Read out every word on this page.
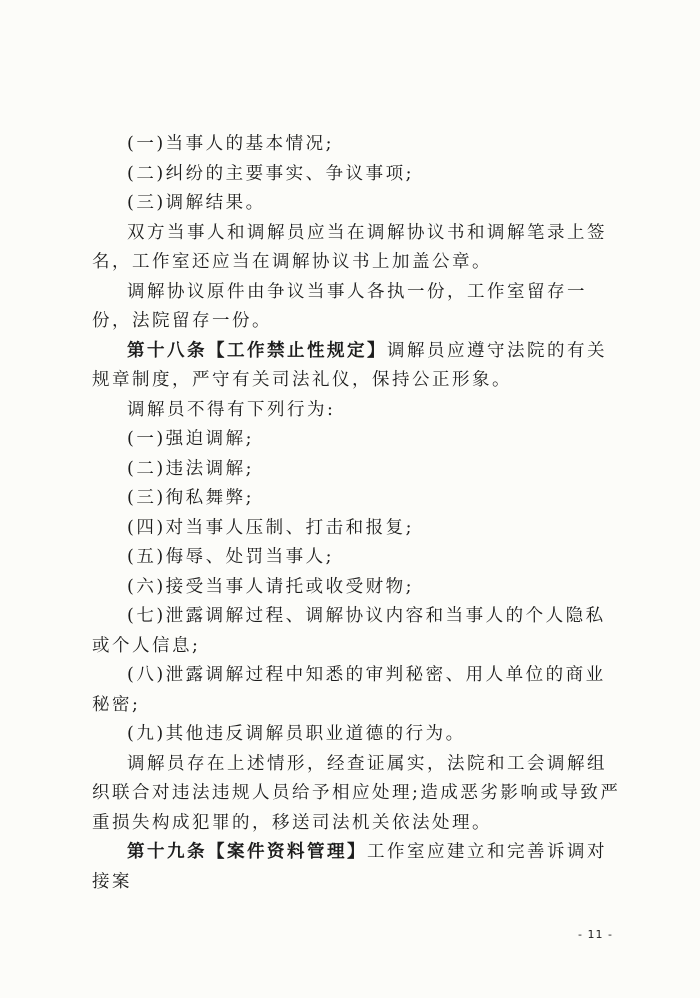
(一)当事人的基本情况;

(二)纠纷的主要事实、争议事项;

(三)调解结果。

双方当事人和调解员应当在调解协议书和调解笔录上签名，工作室还应当在调解协议书上加盖公章。

调解协议原件由争议当事人各执一份，工作室留存一份，法院留存一份。

第十八条【工作禁止性规定】调解员应遵守法院的有关规章制度，严守有关司法礼仪，保持公正形象。

调解员不得有下列行为:

(一)强迫调解;

(二)违法调解;

(三)徇私舞弊;

(四)对当事人压制、打击和报复;

(五)侮辱、处罚当事人;

(六)接受当事人请托或收受财物;

(七)泄露调解过程、调解协议内容和当事人的个人隐私或个人信息;

(八)泄露调解过程中知悉的审判秘密、用人单位的商业秘密;

(九)其他违反调解员职业道德的行为。

调解员存在上述情形，经查证属实，法院和工会调解组织联合对违法违规人员给予相应处理;造成恶劣影响或导致严重损失构成犯罪的，移送司法机关依法处理。

第十九条【案件资料管理】工作室应建立和完善诉调对接案

- 11 -
